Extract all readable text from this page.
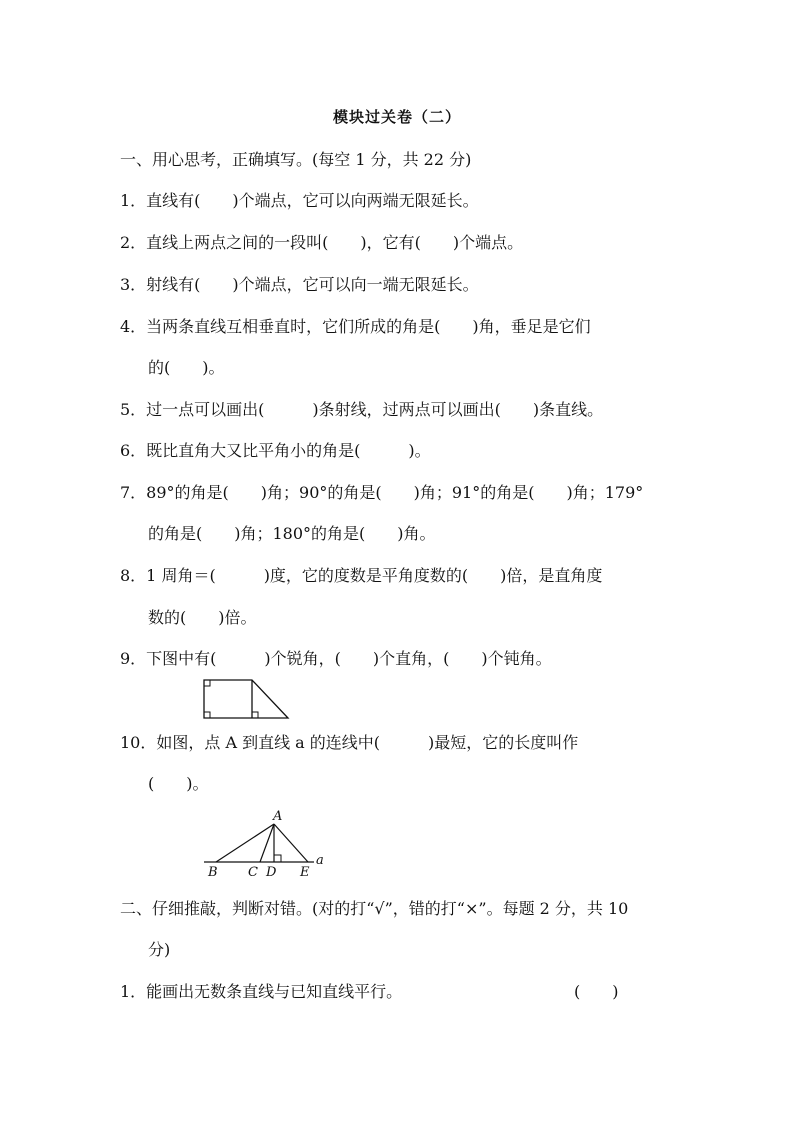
模块过关卷（二）
一、用心思考，正确填写。(每空 1 分，共 22 分)
1．直线有(　　)个端点，它可以向两端无限延长。
2．直线上两点之间的一段叫(　　)，它有(　　)个端点。
3．射线有(　　)个端点，它可以向一端无限延长。
4．当两条直线互相垂直时，它们所成的角是(　　)角，垂足是它们
的(　　)。
5．过一点可以画出(　　　)条射线，过两点可以画出(　　)条直线。
6．既比直角大又比平角小的角是(　　　)。
7．89°的角是(　　)角；90°的角是(　　)角；91°的角是(　　)角；179°
的角是(　　)角；180°的角是(　　)角。
8．1 周角＝(　　　)度，它的度数是平角度数的(　　)倍，是直角度
数的(　　)倍。
9．下图中有(　　　)个锐角，(　　)个直角，(　　)个钝角。
10．如图，点 A 到直线 a 的连线中(　　　)最短，它的长度叫作
(　　)。
A
B C D E
a
二、仔细推敲，判断对错。(对的打“√”，错的打“×”。每题 2 分，共 10
分)
1．能画出无数条直线与已知直线平行。	(　　)
